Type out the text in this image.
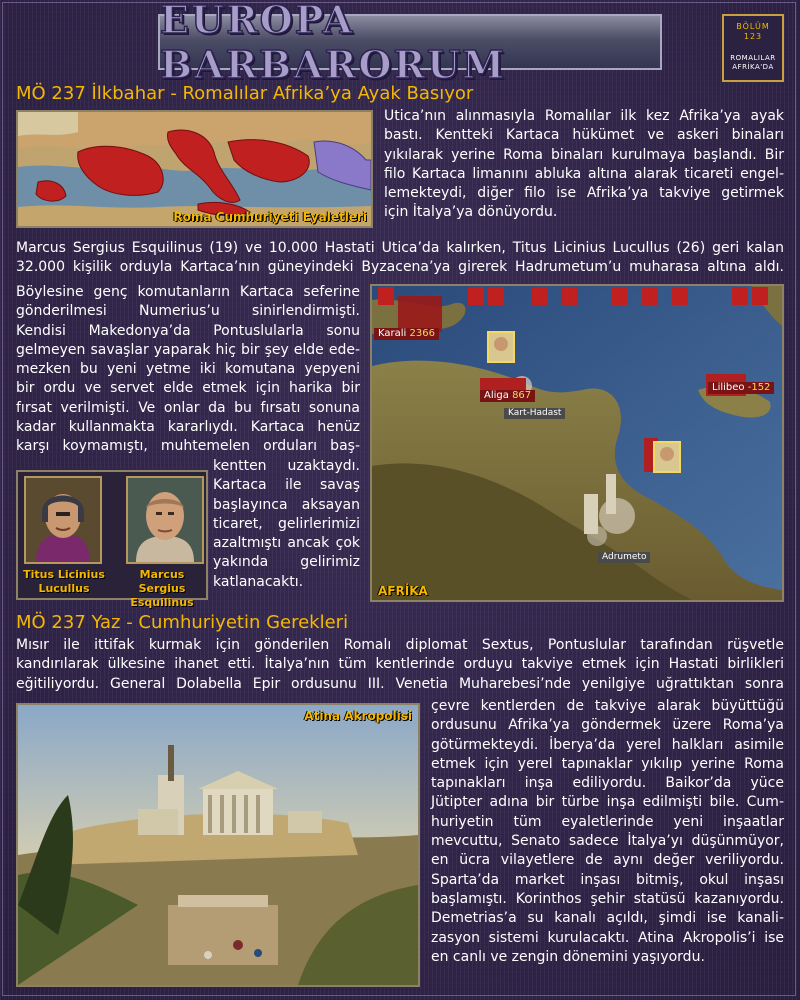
EUROPA BARBARORUM
BÖLÜM
123
ROMALILAR
AFRİKA'DA
MÖ 237 İlkbahar - Romalılar Afrika’ya Ayak Basıyor
Roma Cumhuriyeti Eyaletleri
Utica’nın alınmasıyla Romalılar ilk kez Afrika’ya ayak
bastı. Kentteki Kartaca hükümet ve askeri binaları
yıkılarak yerine Roma binaları kurulmaya başlandı. Bir
filo Kartaca limanını abluka altına alarak ticareti engel-
lemekteydi, diğer filo ise Afrika’ya takviye getirmek
için İtalya’ya dönüyordu.
Marcus Sergius Esquilinus (19) ve 10.000 Hastati Utica’da kalırken, Titus Licinius Lucullus (26) geri kalan
32.000 kişilik orduyla Kartaca’nın güneyindeki Byzacena’ya girerek Hadrumetum’u muharasa altına aldı.
Böylesine genç komutanların Kartaca seferine
gönderilmesi Numerius’u sinirlendirmişti.
Kendisi Makedonya’da Pontuslularla sonu
gelmeyen savaşlar yaparak hiç bir şey elde ede-
mezken bu yeni yetme iki komutana yepyeni
bir ordu ve servet elde etmek için harika bir
fırsat verilmişti. Ve onlar da bu fırsatı sonuna
kadar kullanmakta kararlıydı. Kartaca henüz
karşı koymamıştı, muhtemelen orduları baş-
kentten uzaktaydı.
Kartaca ile savaş
başlayınca aksayan
ticaret, gelirlerimizi
azaltmıştı ancak çok
yakında gelirimiz
katlanacaktı.
Titus Licinius
Lucullus
Marcus Sergius
Esquilinus
Karali 2366
Aliga 867
Kart-Hadast
Lilibeo -152
Adrumeto
AFRİKA
MÖ 237 Yaz - Cumhuriyetin Gerekleri
Mısır ile ittifak kurmak için gönderilen Romalı diplomat Sextus, Pontuslular tarafından rüşvetle
kandırılarak ülkesine ihanet etti. İtalya’nın tüm kentlerinde orduyu takviye etmek için Hastati birlikleri
eğitiliyordu. General Dolabella Epir ordusunu III. Venetia Muharebesi’nde yenilgiye uğrattıktan sonra
Atina Akropolisi
çevre kentlerden de takviye alarak büyüttüğü
ordusunu Afrika’ya göndermek üzere Roma’ya
götürmekteydi. İberya’da yerel halkları asimile
etmek için yerel tapınaklar yıkılıp yerine Roma
tapınakları inşa ediliyordu. Baikor’da yüce
Jütipter adına bir türbe inşa edilmişti bile. Cum-
huriyetin tüm eyaletlerinde yeni inşaatlar
mevcuttu, Senato sadece İtalya’yı düşünmüyor,
en ücra vilayetlere de aynı değer veriliyordu.
Sparta’da market inşası bitmiş, okul inşası
başlamıştı. Korinthos şehir statüsü kazanıyordu.
Demetrias’a su kanalı açıldı, şimdi ise kanali-
zasyon sistemi kurulacaktı. Atina Akropolis’i ise
en canlı ve zengin dönemini yaşıyordu.
